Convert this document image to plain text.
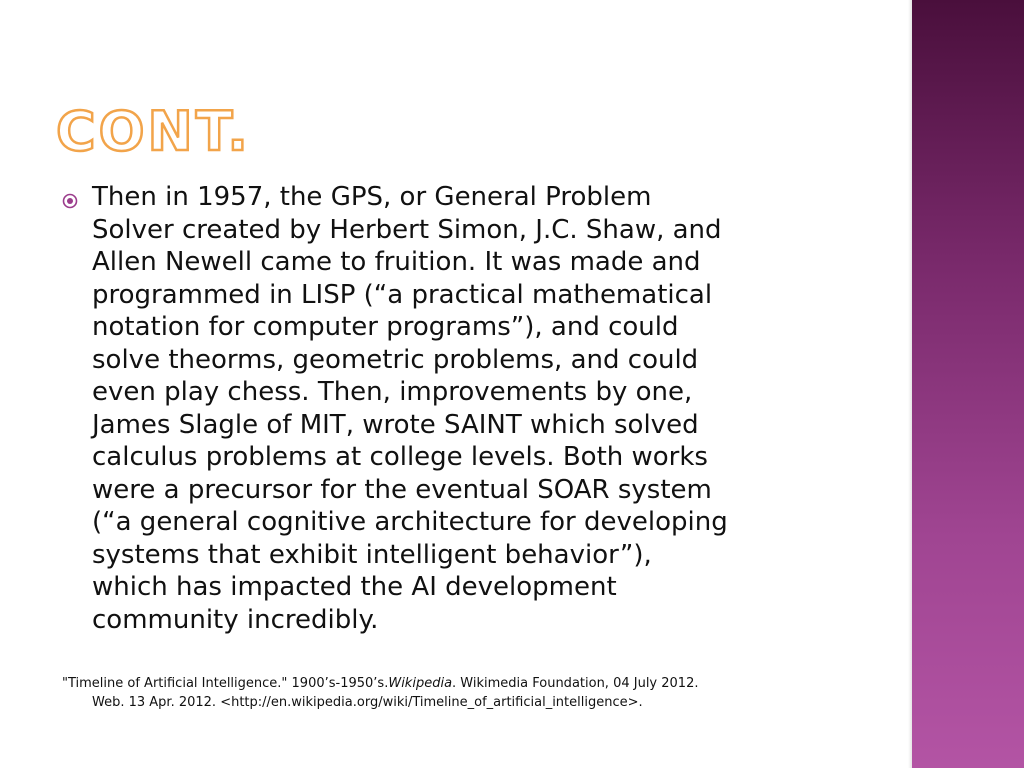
CONT.

Then in 1957, the GPS, or General Problem
Solver created by Herbert Simon, J.C. Shaw, and
Allen Newell came to fruition. It was made and
programmed in LISP (“a practical mathematical
notation for computer programs”), and could
solve theorms, geometric problems, and could
even play chess. Then, improvements by one,
James Slagle of MIT, wrote SAINT which solved
calculus problems at college levels. Both works
were a precursor for the eventual SOAR system
(“a general cognitive architecture for developing
systems that exhibit intelligent behavior”),
which has impacted the AI development
community incredibly.

"Timeline of Artificial Intelligence." 1900’s-1950’s.Wikipedia. Wikimedia Foundation, 04 July 2012.
Web. 13 Apr. 2012. <http://en.wikipedia.org/wiki/Timeline_of_artificial_intelligence>.
